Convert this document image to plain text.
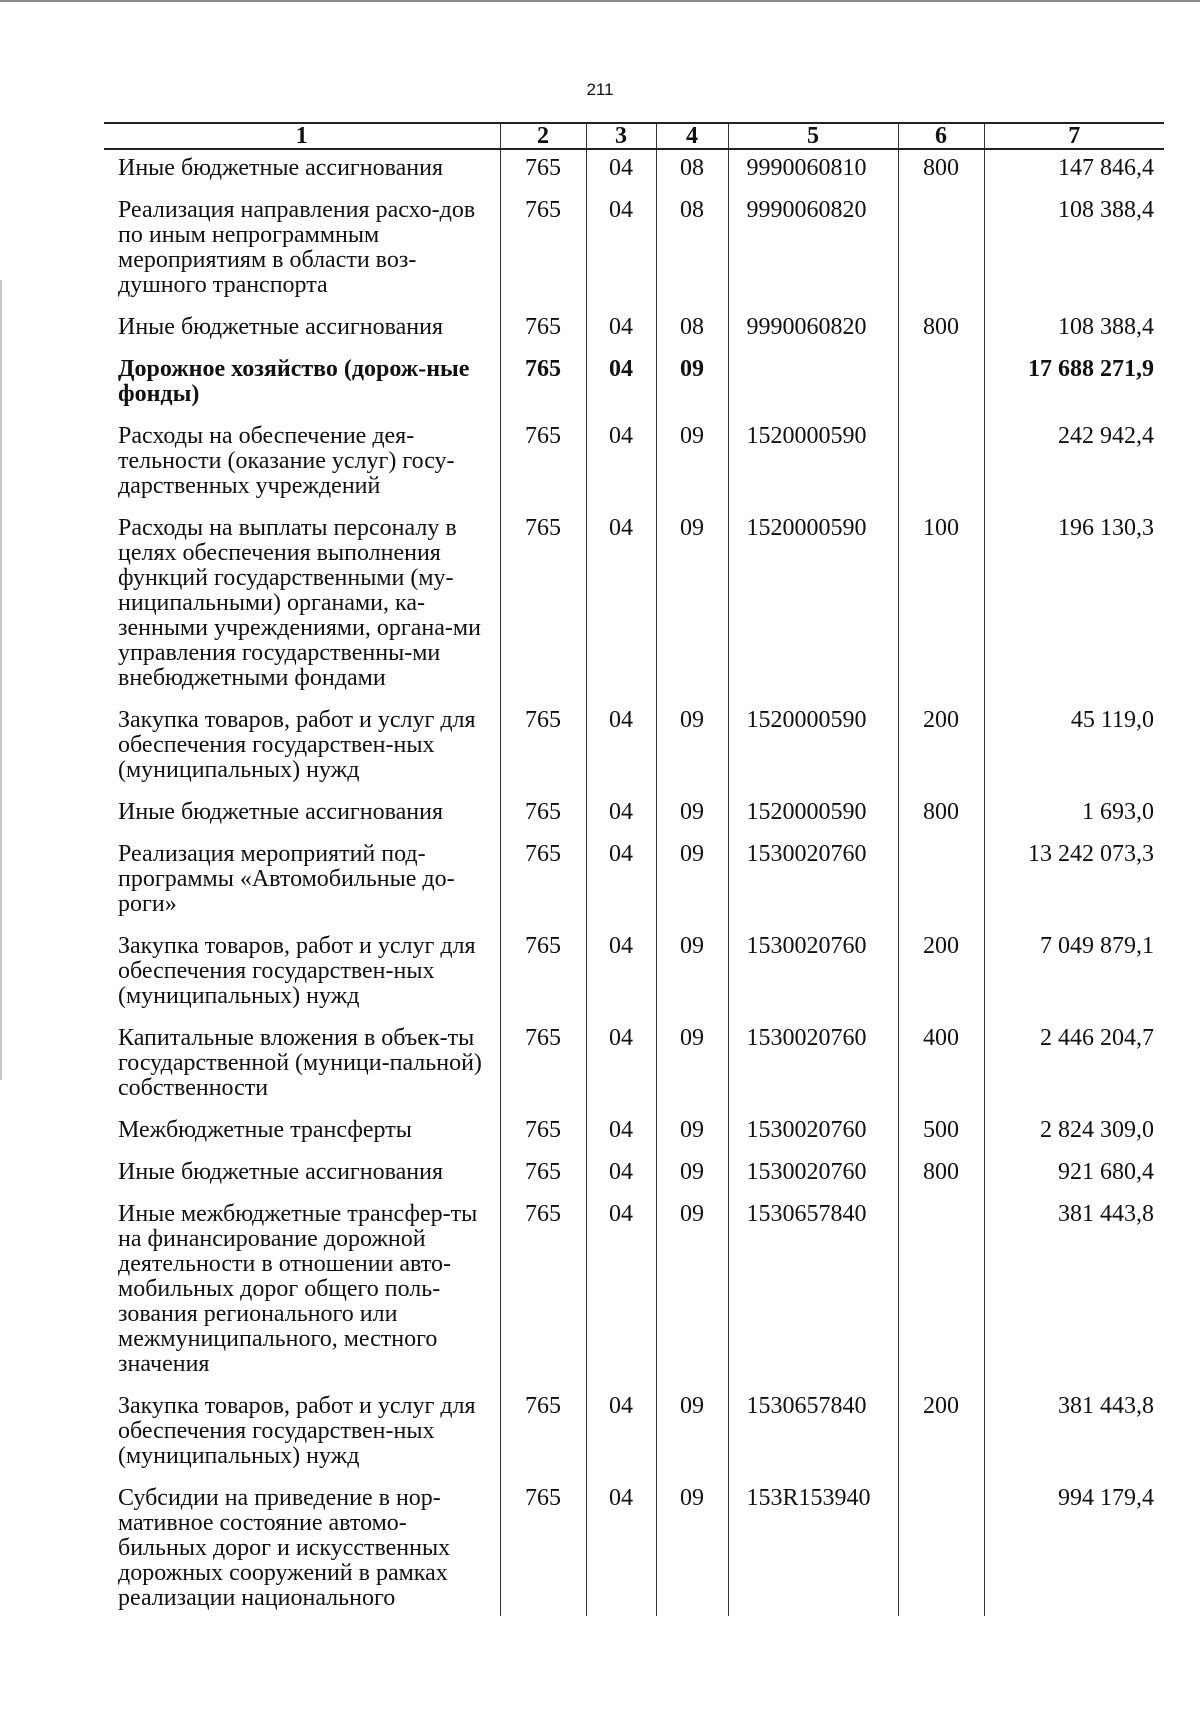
211
1	2	3	4	5	6	7
Иные бюджетные ассигнования	765	04	08	9990060810	800	147 846,4
Реализация направления расхо-дов по иным непрограммным мероприятиям в области воз-душного транспорта	765	04	08	9990060820		108 388,4
Иные бюджетные ассигнования	765	04	08	9990060820	800	108 388,4
Дорожное хозяйство (дорож-ные фонды)	765	04	09			17 688 271,9
Расходы на обеспечение дея-тельности (оказание услуг) госу-дарственных учреждений	765	04	09	1520000590		242 942,4
Расходы на выплаты персоналу в целях обеспечения выполнения функций государственными (му-ниципальными) органами, ка-зенными учреждениями, органа-ми управления государственны-ми внебюджетными фондами	765	04	09	1520000590	100	196 130,3
Закупка товаров, работ и услуг для обеспечения государствен-ных (муниципальных) нужд	765	04	09	1520000590	200	45 119,0
Иные бюджетные ассигнования	765	04	09	1520000590	800	1 693,0
Реализация мероприятий под-программы «Автомобильные до-роги»	765	04	09	1530020760		13 242 073,3
Закупка товаров, работ и услуг для обеспечения государствен-ных (муниципальных) нужд	765	04	09	1530020760	200	7 049 879,1
Капитальные вложения в объек-ты государственной (муници-пальной) собственности	765	04	09	1530020760	400	2 446 204,7
Межбюджетные трансферты	765	04	09	1530020760	500	2 824 309,0
Иные бюджетные ассигнования	765	04	09	1530020760	800	921 680,4
Иные межбюджетные трансфер-ты на финансирование дорожной деятельности в отношении авто-мобильных дорог общего поль-зования регионального или межмуниципального, местного значения	765	04	09	1530657840		381 443,8
Закупка товаров, работ и услуг для обеспечения государствен-ных (муниципальных) нужд	765	04	09	1530657840	200	381 443,8
Субсидии на приведение в нор-мативное состояние автомо-бильных дорог и искусственных дорожных сооружений в рамках реализации национального	765	04	09	153R153940		994 179,4
